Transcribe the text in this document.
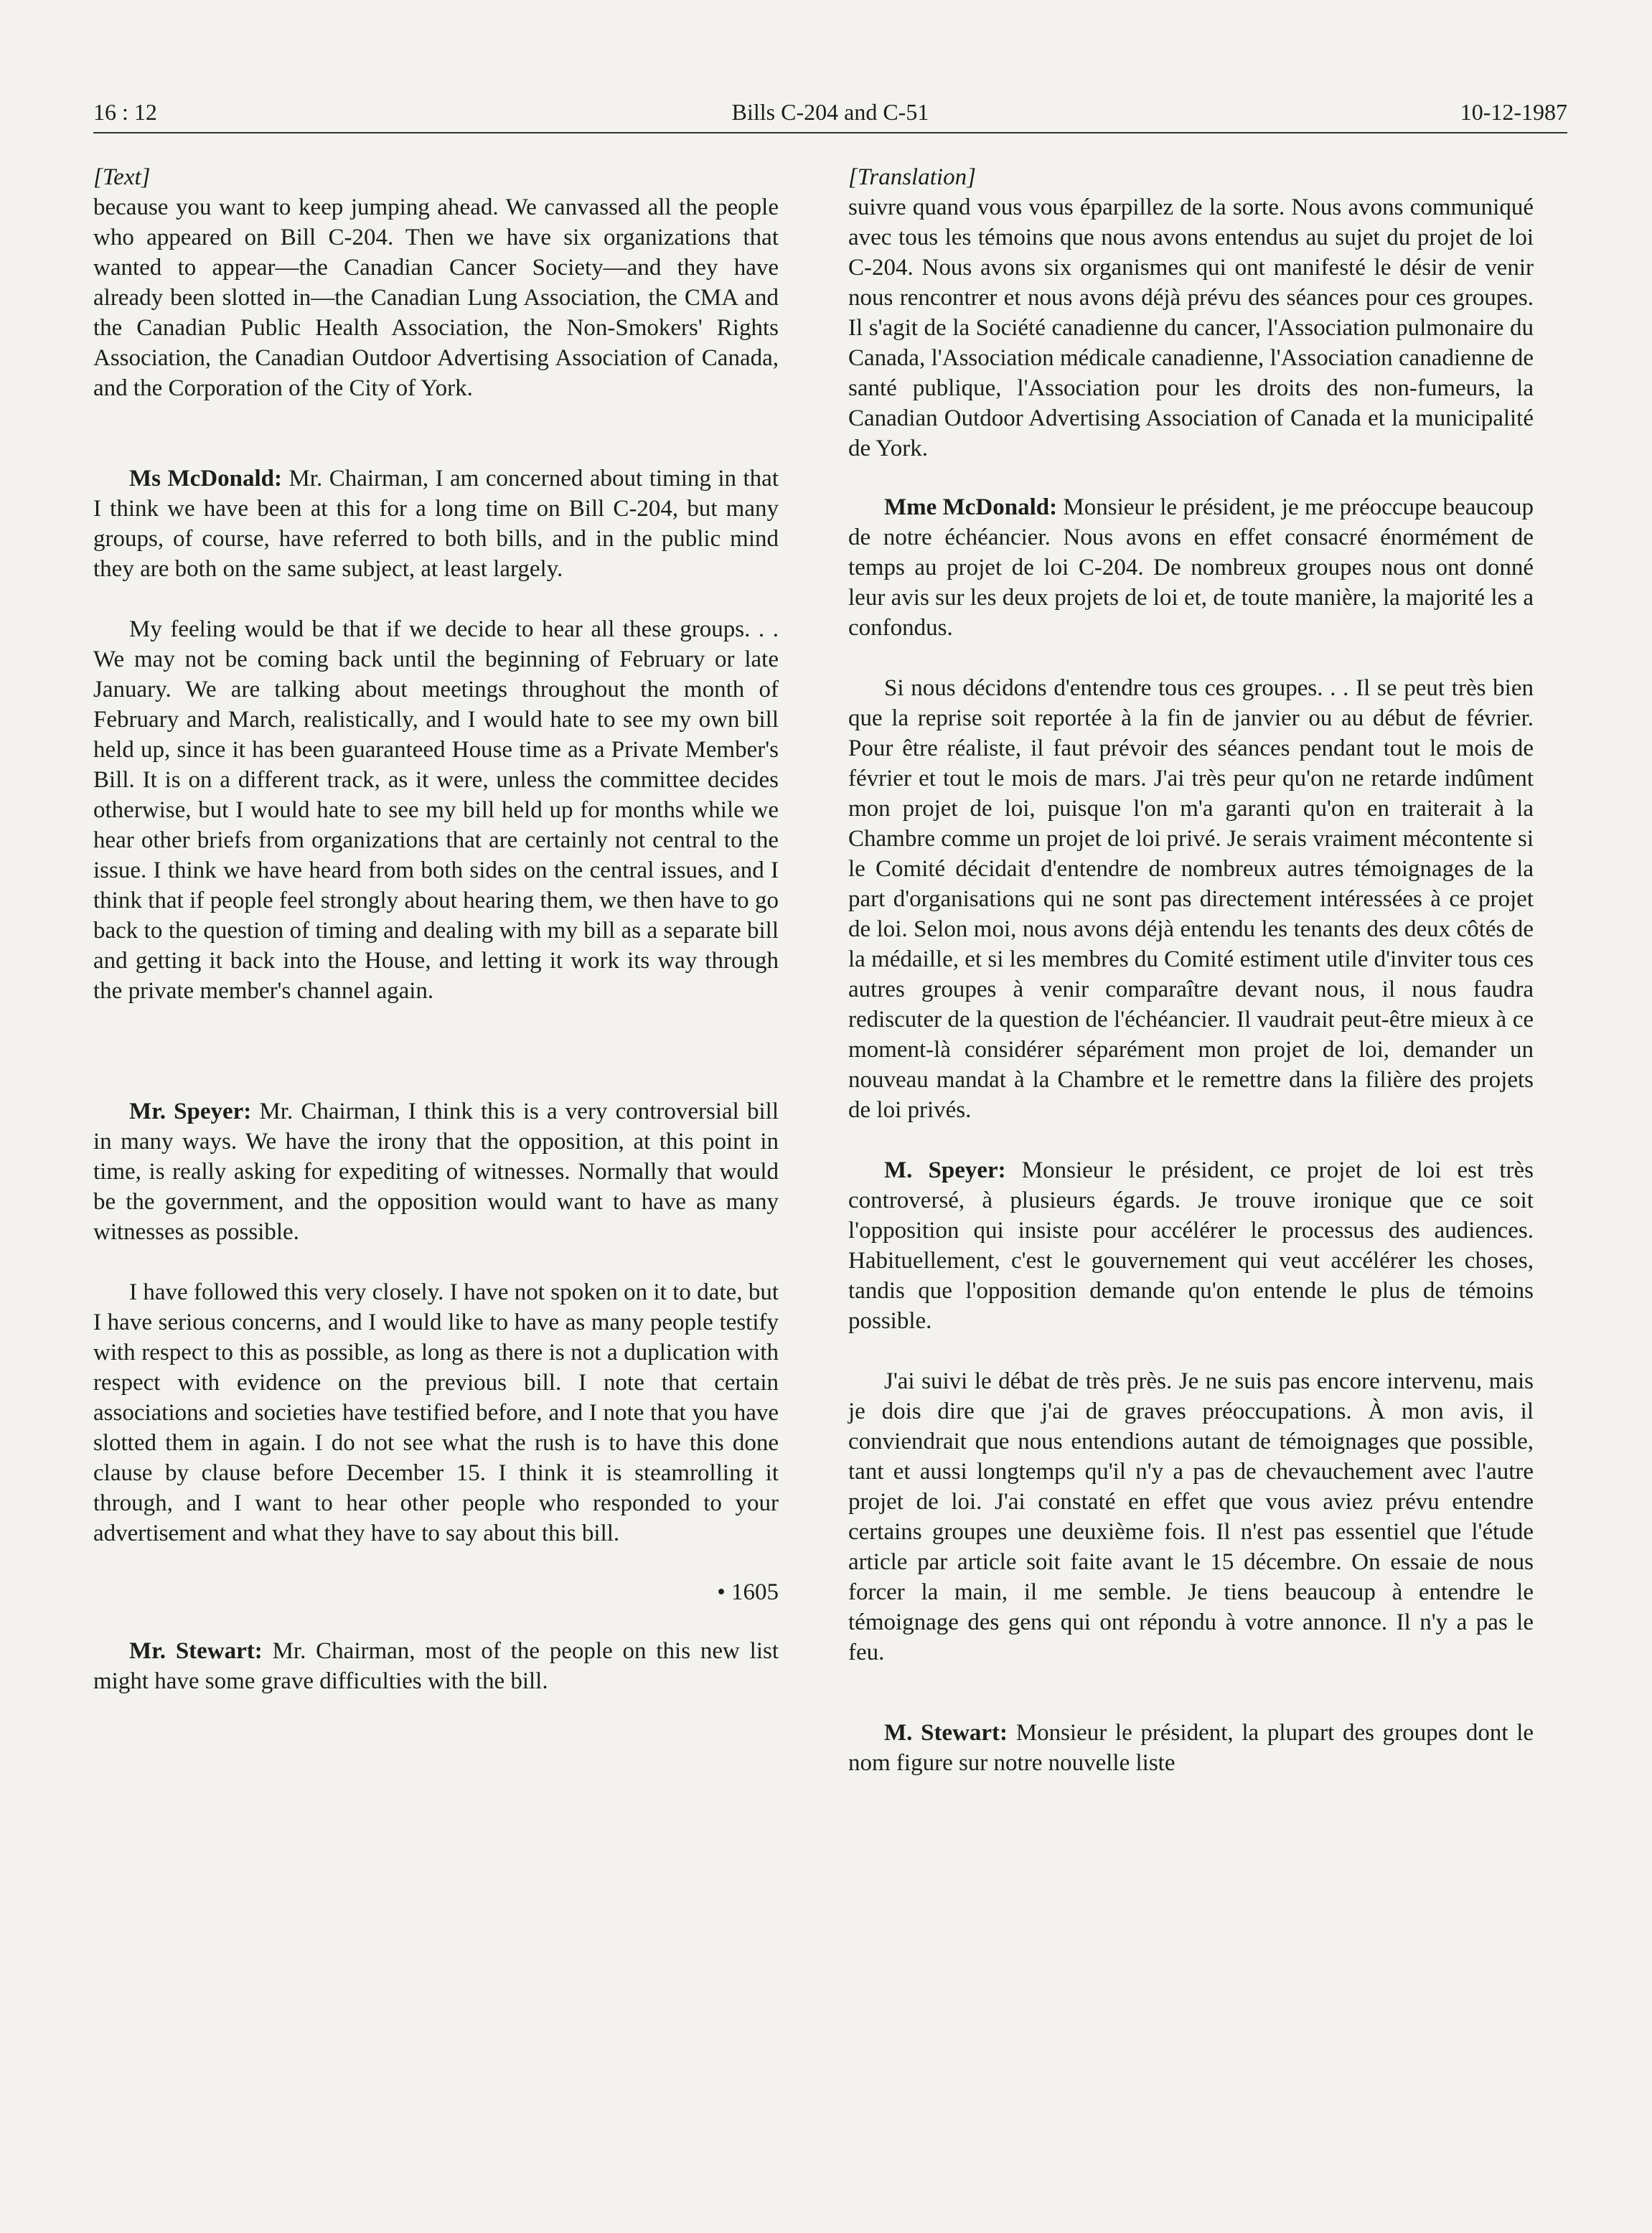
16 : 12	Bills C-204 and C-51	10-12-1987
[Text]

because you want to keep jumping ahead. We canvassed all the people who appeared on Bill C-204. Then we have six organizations that wanted to appear—the Canadian Cancer Society—and they have already been slotted in—the Canadian Lung Association, the CMA and the Canadian Public Health Association, the Non-Smokers' Rights Association, the Canadian Outdoor Advertising Association of Canada, and the Corporation of the City of York.

Ms McDonald: Mr. Chairman, I am concerned about timing in that I think we have been at this for a long time on Bill C-204, but many groups, of course, have referred to both bills, and in the public mind they are both on the same subject, at least largely.

My feeling would be that if we decide to hear all these groups. . . We may not be coming back until the beginning of February or late January. We are talking about meetings throughout the month of February and March, realistically, and I would hate to see my own bill held up, since it has been guaranteed House time as a Private Member's Bill. It is on a different track, as it were, unless the committee decides otherwise, but I would hate to see my bill held up for months while we hear other briefs from organizations that are certainly not central to the issue. I think we have heard from both sides on the central issues, and I think that if people feel strongly about hearing them, we then have to go back to the question of timing and dealing with my bill as a separate bill and getting it back into the House, and letting it work its way through the private member's channel again.

Mr. Speyer: Mr. Chairman, I think this is a very controversial bill in many ways. We have the irony that the opposition, at this point in time, is really asking for expediting of witnesses. Normally that would be the government, and the opposition would want to have as many witnesses as possible.

I have followed this very closely. I have not spoken on it to date, but I have serious concerns, and I would like to have as many people testify with respect to this as possible, as long as there is not a duplication with respect with evidence on the previous bill. I note that certain associations and societies have testified before, and I note that you have slotted them in again. I do not see what the rush is to have this done clause by clause before December 15. I think it is steamrolling it through, and I want to hear other people who responded to your advertisement and what they have to say about this bill.

• 1605

Mr. Stewart: Mr. Chairman, most of the people on this new list might have some grave difficulties with the bill.

[Translation]

suivre quand vous vous éparpillez de la sorte. Nous avons communiqué avec tous les témoins que nous avons entendus au sujet du projet de loi C-204. Nous avons six organismes qui ont manifesté le désir de venir nous rencontrer et nous avons déjà prévu des séances pour ces groupes. Il s'agit de la Société canadienne du cancer, l'Association pulmonaire du Canada, l'Association médicale canadienne, l'Association canadienne de santé publique, l'Association pour les droits des non-fumeurs, la Canadian Outdoor Advertising Association of Canada et la municipalité de York.

Mme McDonald: Monsieur le président, je me préoccupe beaucoup de notre échéancier. Nous avons en effet consacré énormément de temps au projet de loi C-204. De nombreux groupes nous ont donné leur avis sur les deux projets de loi et, de toute manière, la majorité les a confondus.

Si nous décidons d'entendre tous ces groupes. . . Il se peut très bien que la reprise soit reportée à la fin de janvier ou au début de février. Pour être réaliste, il faut prévoir des séances pendant tout le mois de février et tout le mois de mars. J'ai très peur qu'on ne retarde indûment mon projet de loi, puisque l'on m'a garanti qu'on en traiterait à la Chambre comme un projet de loi privé. Je serais vraiment mécontente si le Comité décidait d'entendre de nombreux autres témoignages de la part d'organisations qui ne sont pas directement intéressées à ce projet de loi. Selon moi, nous avons déjà entendu les tenants des deux côtés de la médaille, et si les membres du Comité estiment utile d'inviter tous ces autres groupes à venir comparaître devant nous, il nous faudra rediscuter de la question de l'échéancier. Il vaudrait peut-être mieux à ce moment-là considérer séparément mon projet de loi, demander un nouveau mandat à la Chambre et le remettre dans la filière des projets de loi privés.

M. Speyer: Monsieur le président, ce projet de loi est très controversé, à plusieurs égards. Je trouve ironique que ce soit l'opposition qui insiste pour accélérer le processus des audiences. Habituellement, c'est le gouvernement qui veut accélérer les choses, tandis que l'opposition demande qu'on entende le plus de témoins possible.

J'ai suivi le débat de très près. Je ne suis pas encore intervenu, mais je dois dire que j'ai de graves préoccupations. À mon avis, il conviendrait que nous entendions autant de témoignages que possible, tant et aussi longtemps qu'il n'y a pas de chevauchement avec l'autre projet de loi. J'ai constaté en effet que vous aviez prévu entendre certains groupes une deuxième fois. Il n'est pas essentiel que l'étude article par article soit faite avant le 15 décembre. On essaie de nous forcer la main, il me semble. Je tiens beaucoup à entendre le témoignage des gens qui ont répondu à votre annonce. Il n'y a pas le feu.

M. Stewart: Monsieur le président, la plupart des groupes dont le nom figure sur notre nouvelle liste
